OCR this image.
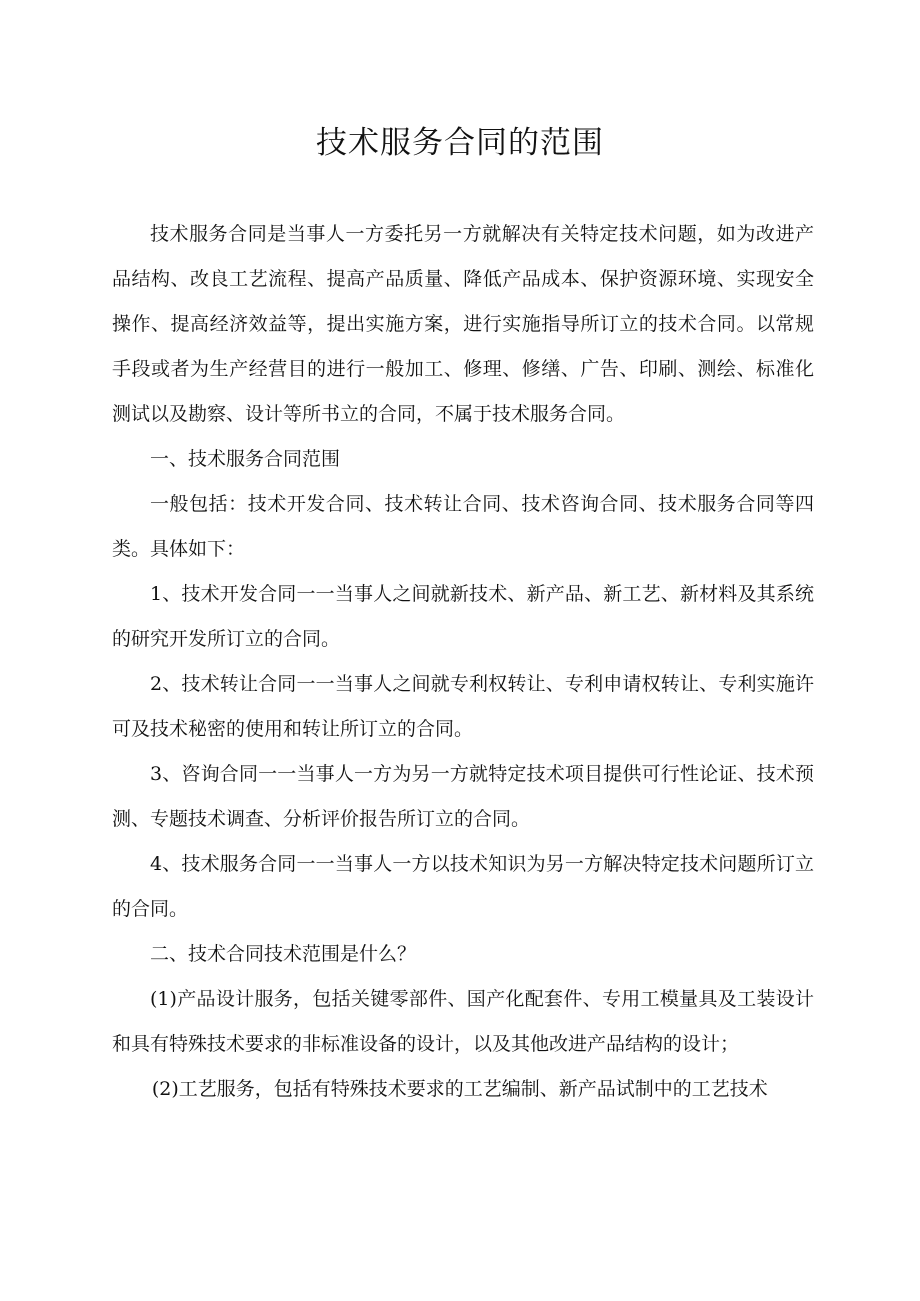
技术服务合同的范围

技术服务合同是当事人一方委托另一方就解决有关特定技术问题，如为改进产品结构、改良工艺流程、提高产品质量、降低产品成本、保护资源环境、实现安全操作、提高经济效益等，提出实施方案，进行实施指导所订立的技术合同。以常规手段或者为生产经营目的进行一般加工、修理、修缮、广告、印刷、测绘、标准化测试以及勘察、设计等所书立的合同，不属于技术服务合同。

一、技术服务合同范围

一般包括：技术开发合同、技术转让合同、技术咨询合同、技术服务合同等四类。具体如下：

1、技术开发合同一一当事人之间就新技术、新产品、新工艺、新材料及其系统的研究开发所订立的合同。

2、技术转让合同一一当事人之间就专利权转让、专利申请权转让、专利实施许可及技术秘密的使用和转让所订立的合同。

3、咨询合同一一当事人一方为另一方就特定技术项目提供可行性论证、技术预测、专题技术调查、分析评价报告所订立的合同。

4、技术服务合同一一当事人一方以技术知识为另一方解决特定技术问题所订立的合同。

二、技术合同技术范围是什么？

(1)产品设计服务，包括关键零部件、国产化配套件、专用工模量具及工装设计和具有特殊技术要求的非标准设备的设计，以及其他改进产品结构的设计；

(2)工艺服务，包括有特殊技术要求的工艺编制、新产品试制中的工艺技术
